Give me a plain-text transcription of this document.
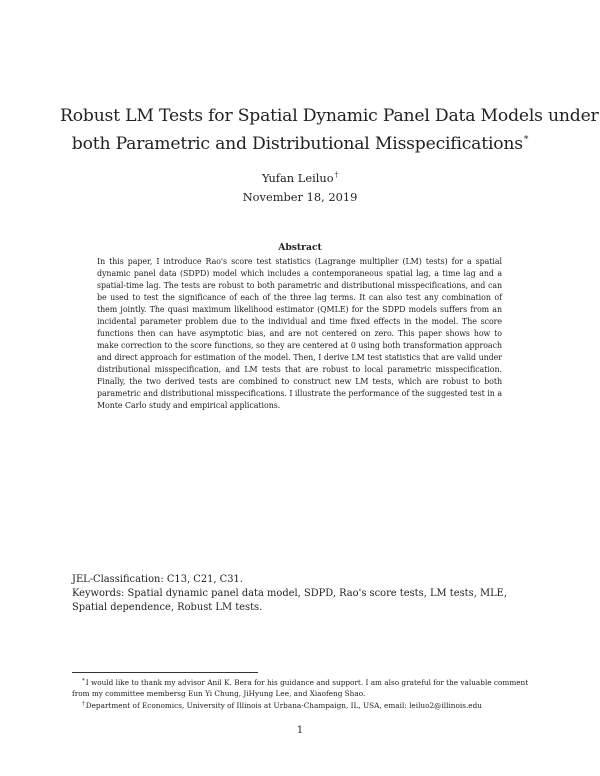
Robust LM Tests for Spatial Dynamic Panel Data Models under
both Parametric and Distributional Misspecifications*
Yufan Leiluo†
November 18, 2019
Abstract
In this paper, I introduce Rao's score test statistics (Lagrange multiplier (LM) tests) for a spatial dynamic panel data (SDPD) model which includes a contemporaneous spatial lag, a time lag and a spatial-time lag. The tests are robust to both parametric and distributional misspecifications, and can be used to test the significance of each of the three lag terms. It can also test any combination of them jointly. The quasi maximum likelihood estimator (QMLE) for the SDPD models suffers from an incidental parameter problem due to the individual and time fixed effects in the model. The score functions then can have asymptotic bias, and are not centered on zero. This paper shows how to make correction to the score functions, so they are centered at 0 using both transformation approach and direct approach for estimation of the model. Then, I derive LM test statistics that are valid under distributional misspecification, and LM tests that are robust to local parametric misspecification. Finally, the two derived tests are combined to construct new LM tests, which are robust to both parametric and distributional misspecifications. I illustrate the performance of the suggested test in a Monte Carlo study and empirical applications.
JEL-Classification: C13, C21, C31.
Keywords: Spatial dynamic panel data model, SDPD, Rao's score tests, LM tests, MLE, Spatial dependence, Robust LM tests.
*I would like to thank my advisor Anil K. Bera for his guidance and support. I am also grateful for the valuable comment from my committee membersg Eun Yi Chung, JiHyung Lee, and Xiaofeng Shao.
†Department of Economics, University of Illinois at Urbana-Champaign, IL, USA, email: leiluo2@illinois.edu
1
